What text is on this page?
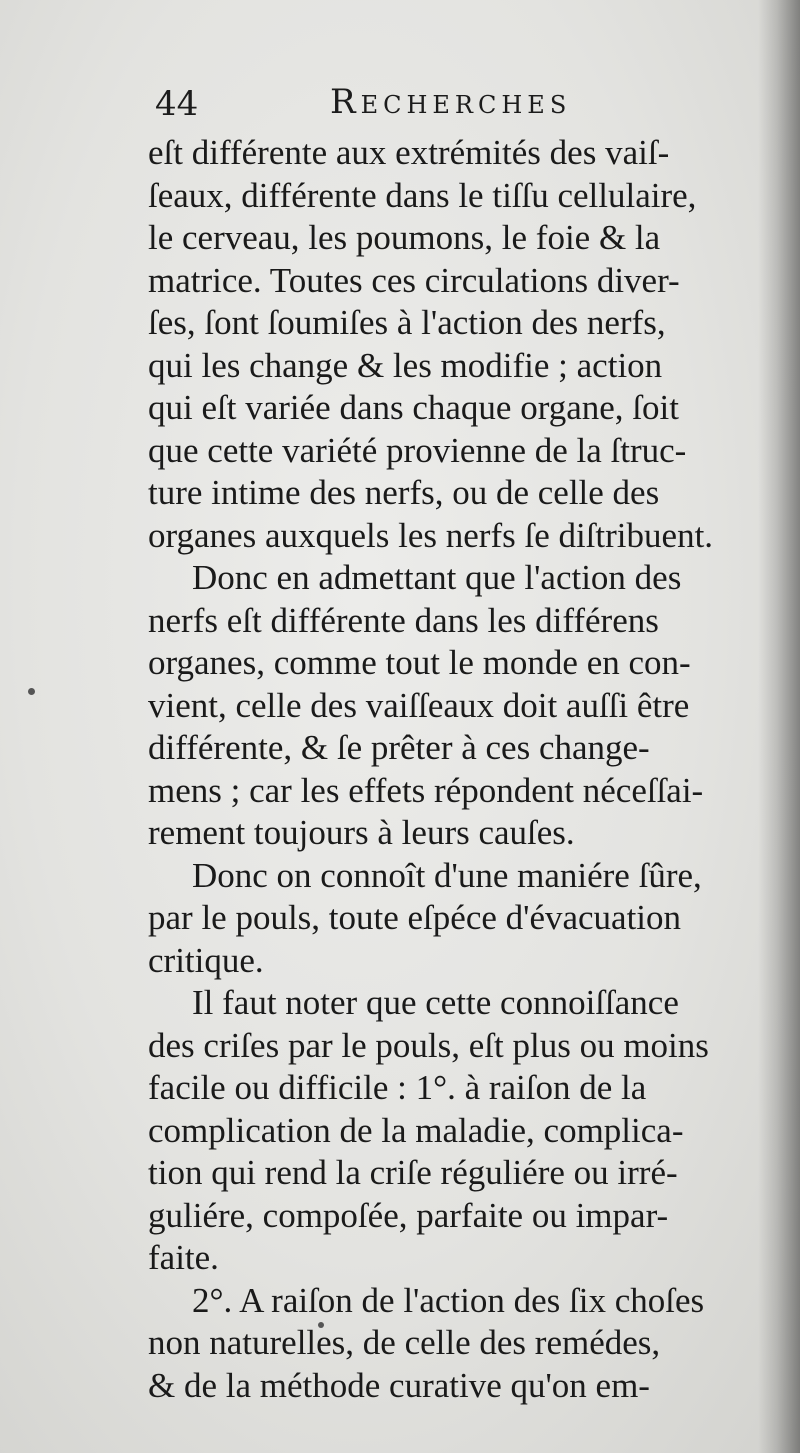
44	Recherches
eſt différente aux extrémités des vaiſ-
ſeaux, différente dans le tiſſu cellulaire,
le cerveau, les poumons, le foie & la
matrice. Toutes ces circulations diver-
ſes, ſont ſoumiſes à l'action des nerfs,
qui les change & les modifie ; action
qui eſt variée dans chaque organe, ſoit
que cette variété provienne de la ſtruc-
ture intime des nerfs, ou de celle des
organes auxquels les nerfs ſe diſtribuent.
Donc en admettant que l'action des
nerfs eſt différente dans les différens
organes, comme tout le monde en con-
vient, celle des vaiſſeaux doit auſſi être
différente, & ſe prêter à ces change-
mens ; car les effets répondent néceſſai-
rement toujours à leurs cauſes.
Donc on connoît d'une maniére ſûre,
par le pouls, toute eſpéce d'évacuation
critique.
Il faut noter que cette connoiſſance
des criſes par le pouls, eſt plus ou moins
facile ou difficile : 1°. à raiſon de la
complication de la maladie, complica-
tion qui rend la criſe réguliére ou irré-
guliére, compoſée, parfaite ou impar-
faite.
2°. A raiſon de l'action des ſix choſes
non naturelles, de celle des remédes,
& de la méthode curative qu'on em-
